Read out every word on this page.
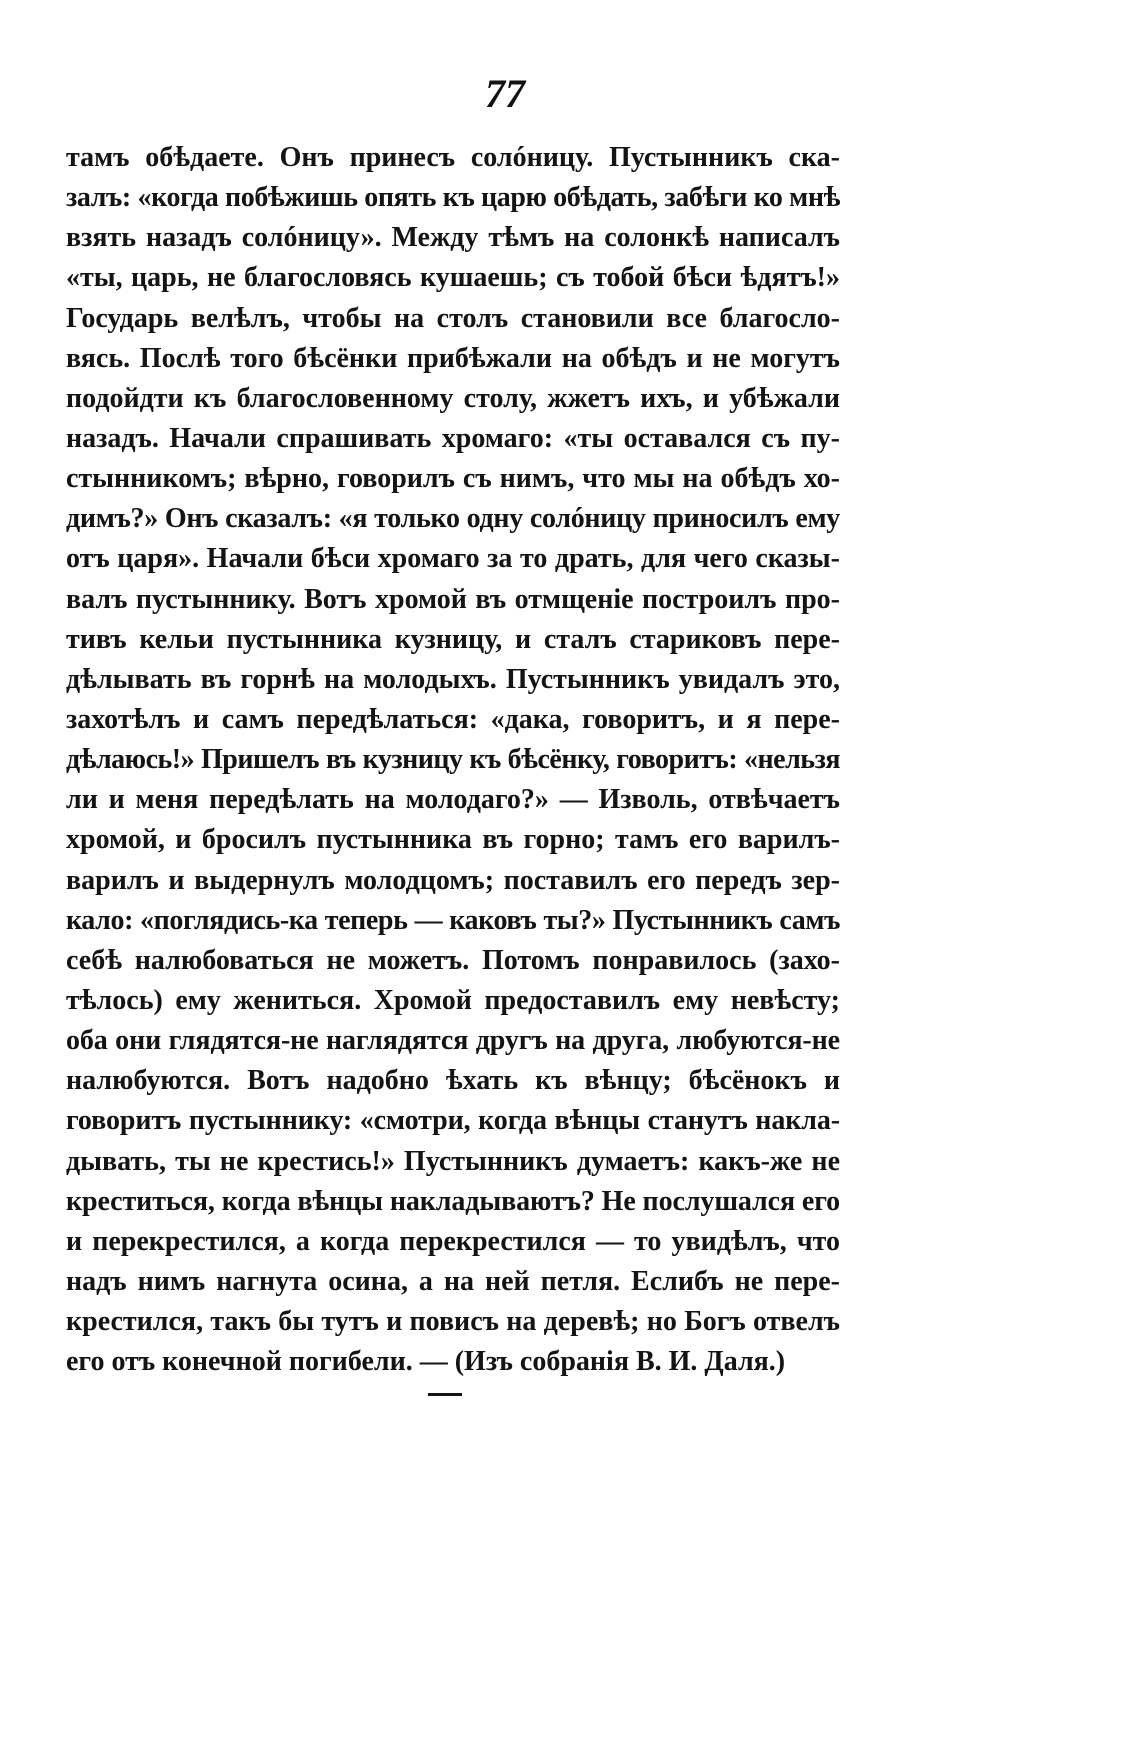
77
тамъ обѣдаете. Онъ принесъ солóницу. Пустынникъ ска-
залъ: «когда побѣжишь опять къ царю обѣдать, забѣги ко мнѣ
взять назадъ солóницу». Между тѣмъ на солонкѣ написалъ
«ты, царь, не благословясь кушаешь; съ тобой бѣси ѣдятъ!»
Государь велѣлъ, чтобы на столъ становили все благосло-
вясь. Послѣ того бѣсёнки прибѣжали на обѣдъ и не могутъ
подойдти къ благословенному столу, жжетъ ихъ, и убѣжали
назадъ. Начали спрашивать хромаго: «ты оставался съ пу-
стынникомъ; вѣрно, говорилъ съ нимъ, что мы на обѣдъ хо-
димъ?» Онъ сказалъ: «я только одну солóницу приносилъ ему
отъ царя». Начали бѣси хромаго за то драть, для чего сказы-
валъ пустыннику. Вотъ хромой въ отмщеніе построилъ про-
тивъ кельи пустынника кузницу, и сталъ стариковъ пере-
дѣлывать въ горнѣ на молодыхъ. Пустынникъ увидалъ это,
захотѣлъ и самъ передѣлаться: «дака, говоритъ, и я пере-
дѣлаюсь!» Пришелъ въ кузницу къ бѣсёнку, говоритъ: «нельзя
ли и меня передѣлать на молодаго?» — Изволь, отвѣчаетъ
хромой, и бросилъ пустынника въ горно; тамъ его варилъ-
варилъ и выдернулъ молодцомъ; поставилъ его передъ зер-
кало: «поглядись-ка теперь — каковъ ты?» Пустынникъ самъ
себѣ налюбоваться не можетъ. Потомъ понравилось (захо-
тѣлось) ему жениться. Хромой предоставилъ ему невѣсту;
оба они глядятся-не наглядятся другъ на друга, любуются-не
налюбуются. Вотъ надобно ѣхать къ вѣнцу; бѣсёнокъ и
говоритъ пустыннику: «смотри, когда вѣнцы станутъ накла-
дывать, ты не крестись!» Пустынникъ думаетъ: какъ-же не
креститься, когда вѣнцы накладываютъ? Не послушался его
и перекрестился, а когда перекрестился — то увидѣлъ, что
надъ нимъ нагнута осина, а на ней петля. Еслибъ не пере-
крестился, такъ бы тутъ и повисъ на деревѣ; но Богъ отвелъ
его отъ конечной погибели. — (Изъ собранія В. И. Даля.)
